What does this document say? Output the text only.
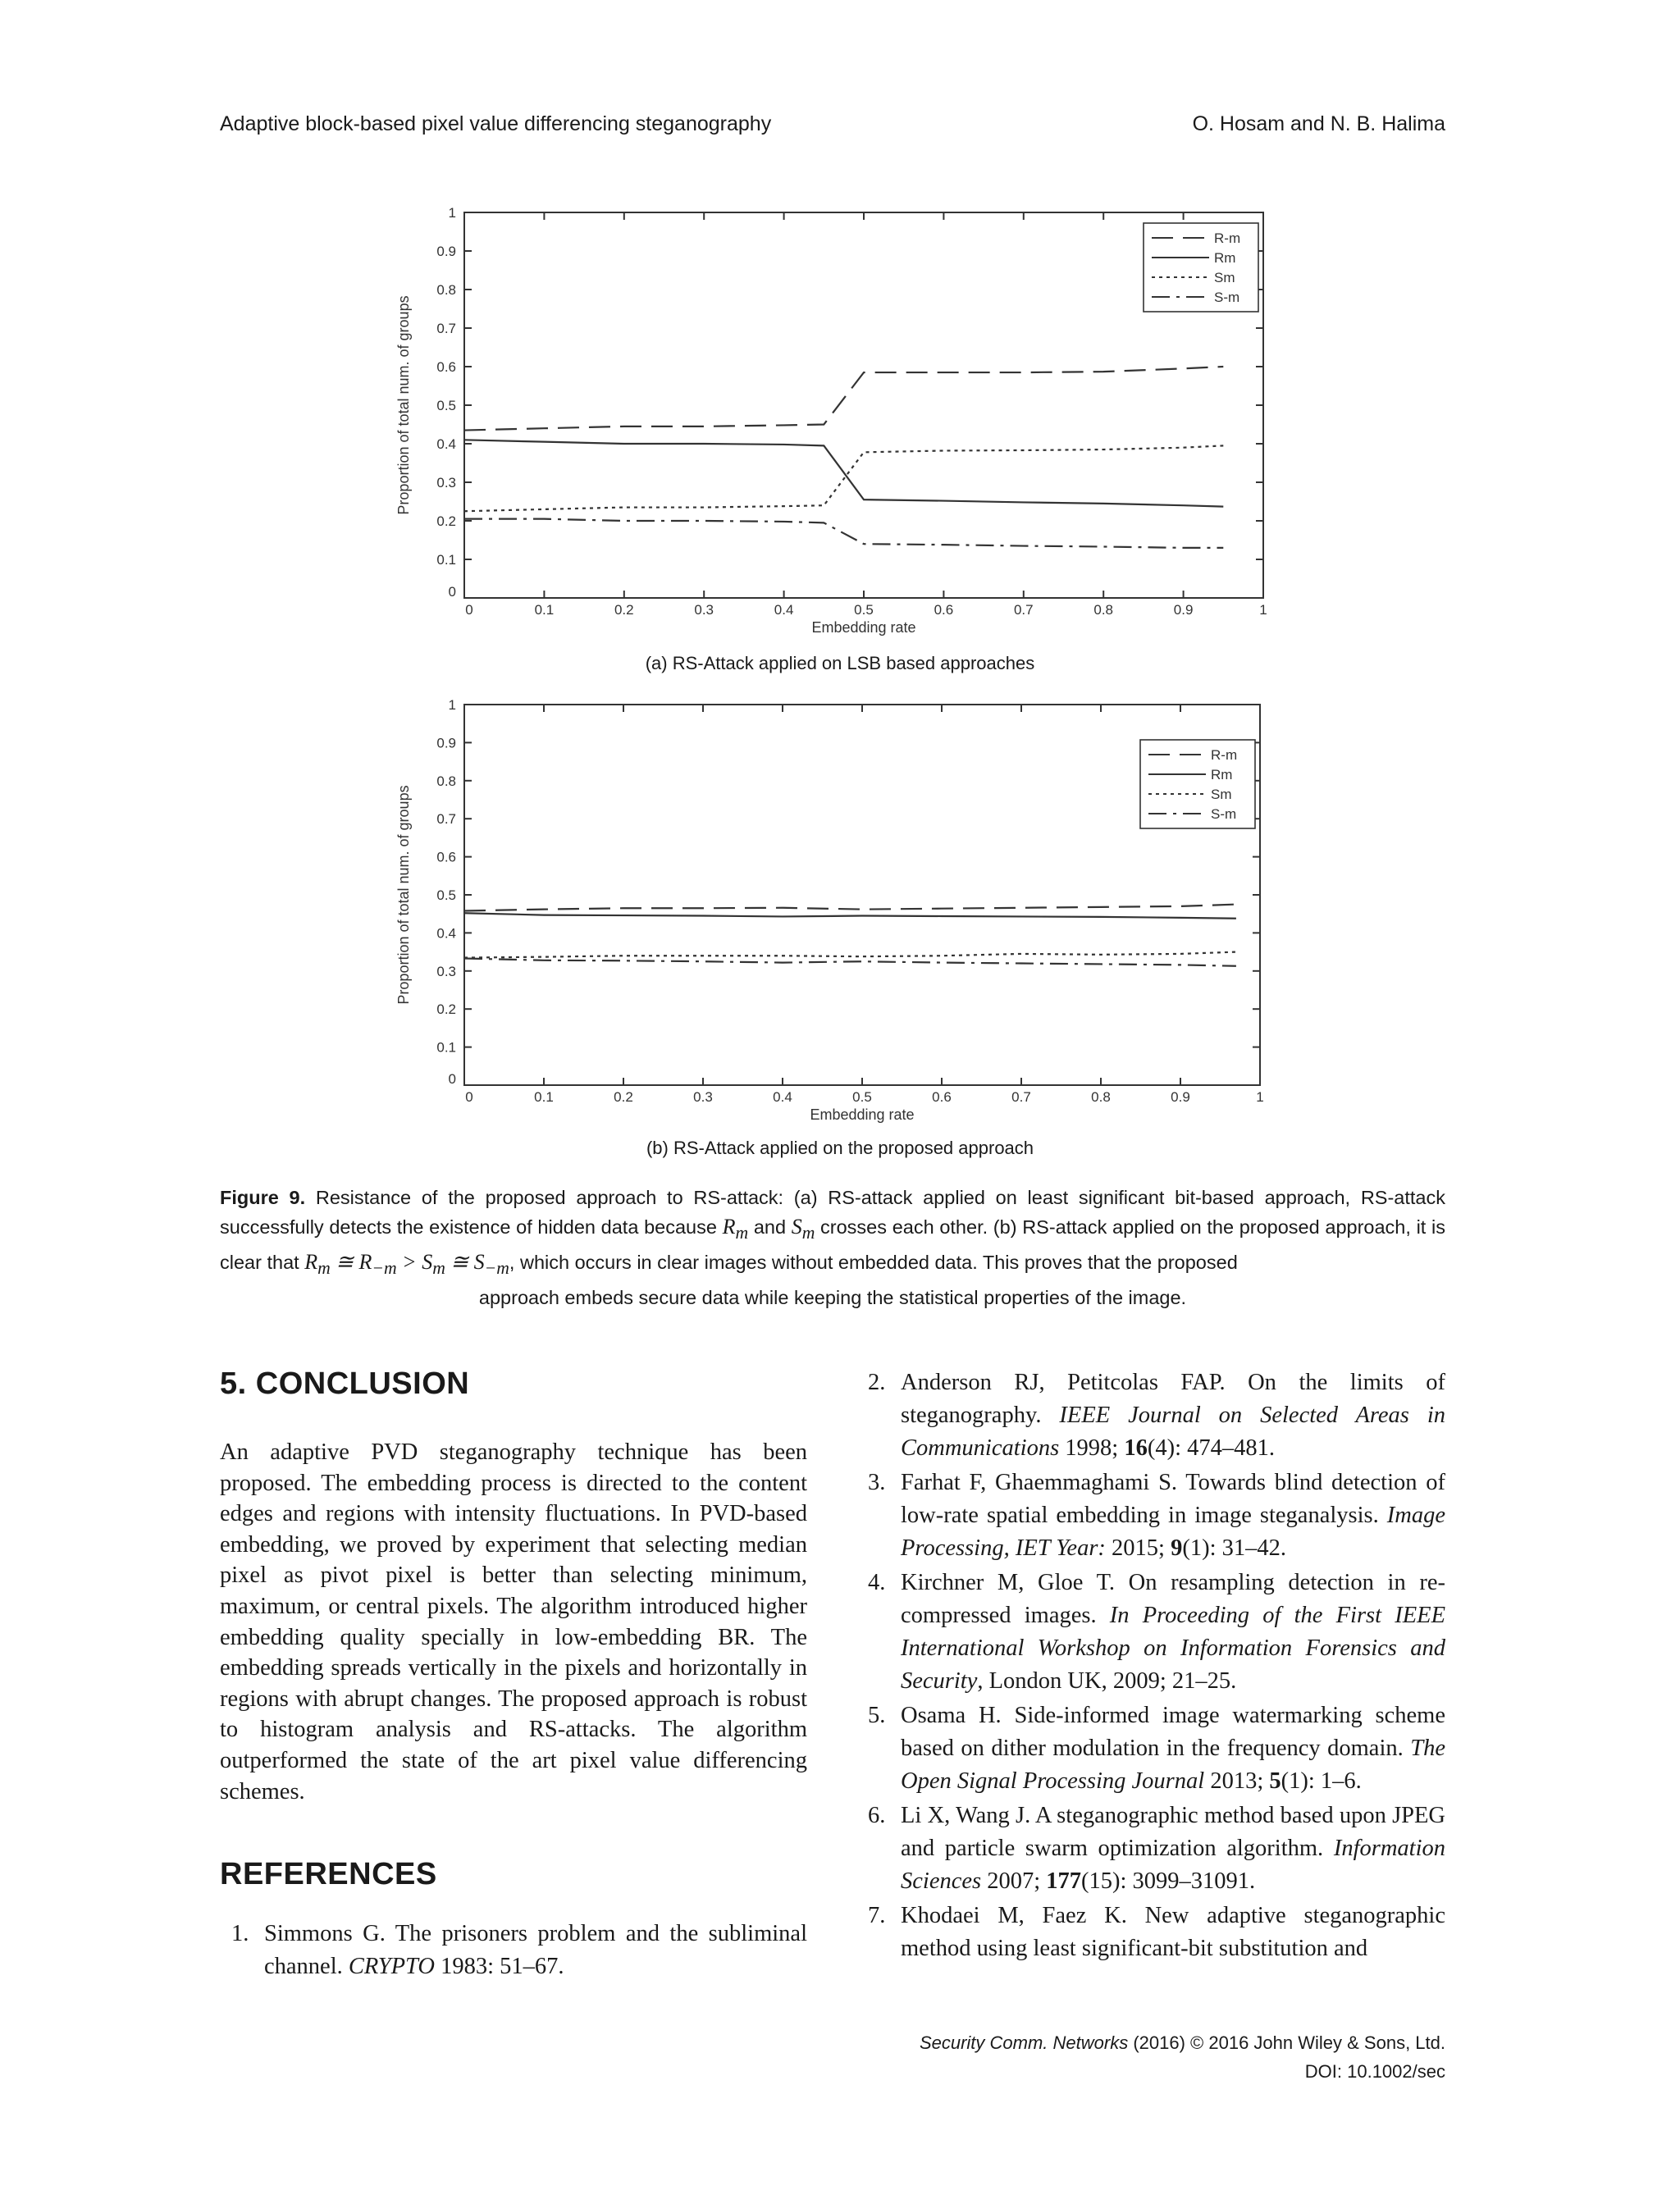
Adaptive block-based pixel value differencing steganography	O. Hosam and N. B. Halima
0
0.1
0.2
0.3
0.4
0.5
0.6
0.7
0.8
0.9
1
0	0.1	0.2	0.3	0.4	0.5	0.6	0.7	0.8	0.9	1
Embedding rate
Proportion of total num. of groups
R-m
Rm
Sm
S-m
(a) RS-Attack applied on LSB based approaches
0
0.1
0.2
0.3
0.4
0.5
0.6
0.7
0.8
0.9
1
0	0.1	0.2	0.3	0.4	0.5	0.6	0.7	0.8	0.9	1
Embedding rate
Proportion of total num. of groups
R-m
Rm
Sm
S-m
(b) RS-Attack applied on the proposed approach
Figure 9. Resistance of the proposed approach to RS-attack: (a) RS-attack applied on least significant bit-based approach, RS-attack successfully detects the existence of hidden data because $R_m$ and $S_m$ crosses each other. (b) RS-attack applied on the proposed approach, it is clear that $R_m$ ≅ $R_{-m} > S_m$ ≅ $S_{-m}$, which occurs in clear images without embedded data. This proves that the proposed
approach embeds secure data while keeping the statistical properties of the image.
5. CONCLUSION
An adaptive PVD steganography technique has been proposed. The embedding process is directed to the content edges and regions with intensity fluctuations. In PVD-based embedding, we proved by experiment that selecting median pixel as pivot pixel is better than selecting minimum, maximum, or central pixels. The algorithm introduced higher embedding quality specially in low-embedding BR. The embedding spreads vertically in the pixels and horizontally in regions with abrupt changes. The proposed approach is robust to histogram analysis and RS-attacks. The algorithm outperformed the state of the art pixel value differencing schemes.
REFERENCES
1. Simmons G. The prisoners problem and the subliminal channel. CRYPTO 1983: 51–67.
2. Anderson RJ, Petitcolas FAP. On the limits of steganography. IEEE Journal on Selected Areas in Communications 1998; 16(4): 474–481.
3. Farhat F, Ghaemmaghami S. Towards blind detection of low-rate spatial embedding in image steganalysis. Image Processing, IET Year: 2015; 9(1): 31–42.
4. Kirchner M, Gloe T. On resampling detection in re-compressed images. In Proceeding of the First IEEE International Workshop on Information Forensics and Security, London UK, 2009; 21–25.
5. Osama H. Side-informed image watermarking scheme based on dither modulation in the frequency domain. The Open Signal Processing Journal 2013; 5(1): 1–6.
6. Li X, Wang J. A steganographic method based upon JPEG and particle swarm optimization algorithm. Information Sciences 2007; 177(15): 3099–31091.
7. Khodaei M, Faez K. New adaptive steganographic method using least significant-bit substitution and
Security Comm. Networks (2016) © 2016 John Wiley & Sons, Ltd.
DOI: 10.1002/sec
